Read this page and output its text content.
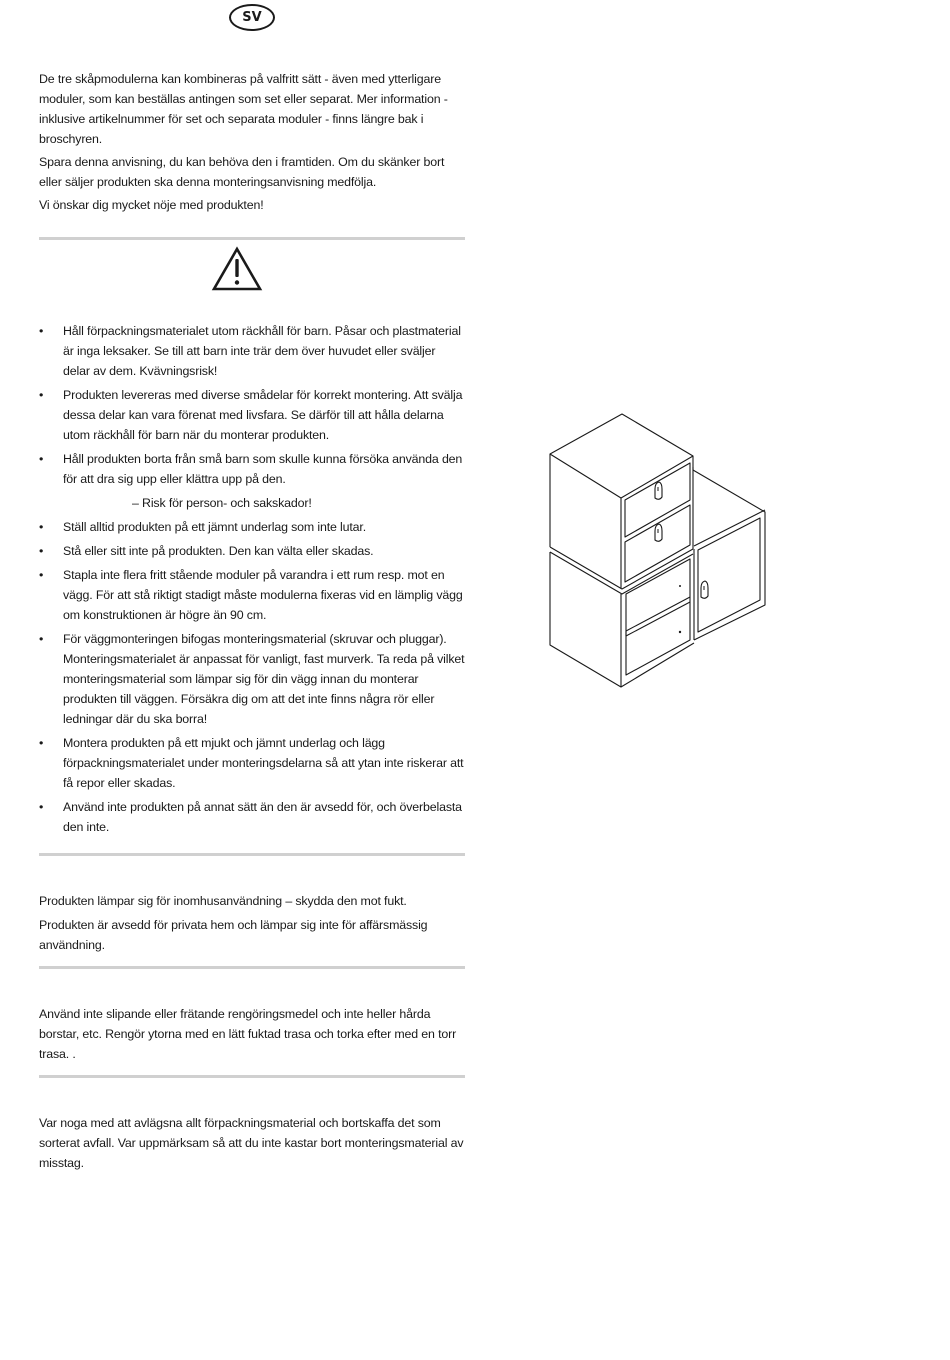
SV

De tre skåpmodulerna kan kombineras på valfritt sätt - även med ytterligare moduler, som kan beställas antingen som set eller separat. Mer information - inklusive artikelnummer för set och separata moduler - finns längre bak i broschyren.

Spara denna anvisning, du kan behöva den i framtiden. Om du skänker bort eller säljer produkten ska denna monteringsanvisning medfölja.

Vi önskar dig mycket nöje med produkten!

• Håll förpackningsmaterialet utom räckhåll för barn. Påsar och plastmaterial är inga leksaker. Se till att barn inte trär dem över huvudet eller sväljer delar av dem. Kvävningsrisk!
• Produkten levereras med diverse smådelar för korrekt montering. Att svälja dessa delar kan vara förenat med livsfara. Se därför till att hålla delarna utom räckhåll för barn när du monterar produkten.
• Håll produkten borta från små barn som skulle kunna försöka använda den för att dra sig upp eller klättra upp på den.

– Risk för person- och sakskador!

• Ställ alltid produkten på ett jämnt underlag som inte lutar.
• Stå eller sitt inte på produkten. Den kan välta eller skadas.
• Stapla inte flera fritt stående moduler på varandra i ett rum resp. mot en vägg. För att stå riktigt stadigt måste modulerna fixeras vid en lämplig vägg om konstruktionen är högre än 90 cm.
• För väggmonteringen bifogas monteringsmaterial (skruvar och pluggar). Monteringsmaterialet är anpassat för vanligt, fast murverk. Ta reda på vilket monteringsmaterial som lämpar sig för din vägg innan du monterar produkten till väggen. Försäkra dig om att det inte finns några rör eller ledningar där du ska borra!
• Montera produkten på ett mjukt och jämnt underlag och lägg förpackningsmaterialet under monteringsdelarna så att ytan inte riskerar att få repor eller skadas.
• Använd inte produkten på annat sätt än den är avsedd för, och överbelasta den inte.

Produkten lämpar sig för inomhusanvändning – skydda den mot fukt.

Produkten är avsedd för privata hem och lämpar sig inte för affärsmässig användning.

Använd inte slipande eller frätande rengöringsmedel och inte heller hårda borstar, etc. Rengör ytorna med en lätt fuktad trasa och torka efter med en torr trasa. .

Var noga med att avlägsna allt förpackningsmaterial och bortskaffa det som sorterat avfall. Var uppmärksam så att du inte kastar bort monteringsmaterial av misstag.
